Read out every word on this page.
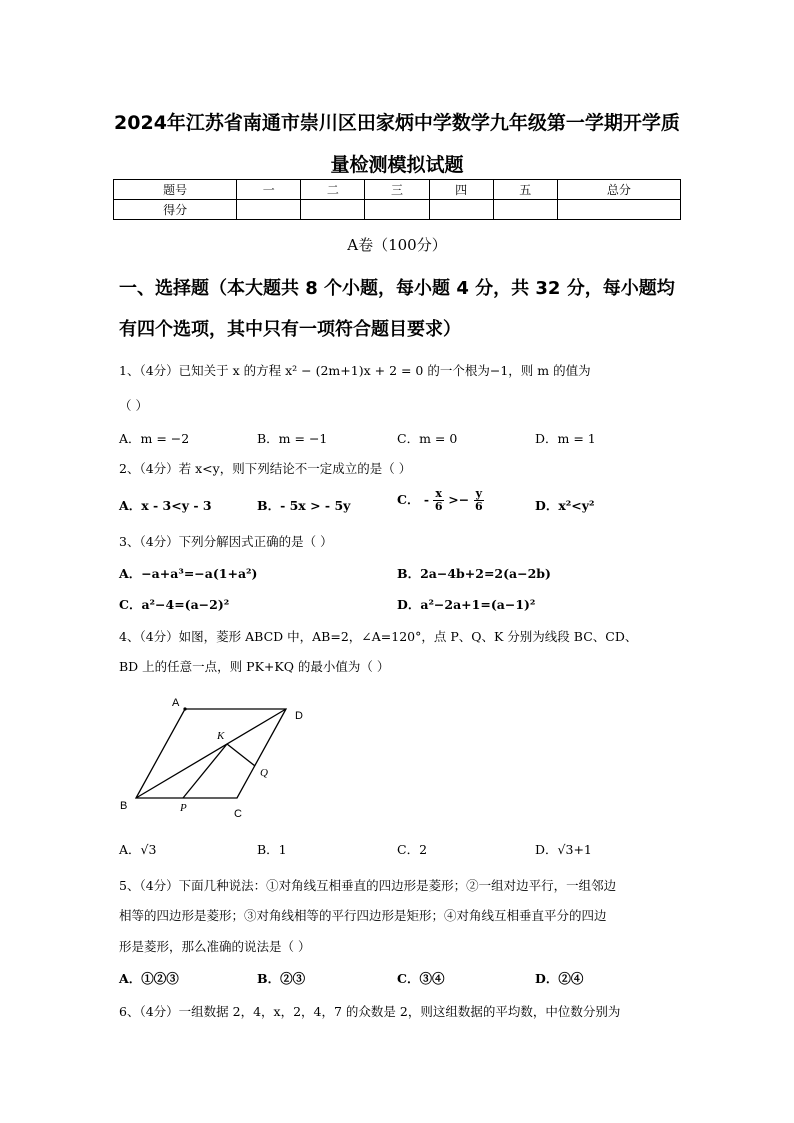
2024年江苏省南通市崇川区田家炳中学数学九年级第一学期开学质
量检测模拟试题
题号	一	二	三	四	五	总分
得分						
A卷（100分）
一、选择题（本大题共 8 个小题，每小题 4 分，共 32 分，每小题均
有四个选项，其中只有一项符合题目要求）
1、（4分）已知关于 x 的方程 x² − (2m+1)x + 2 = 0 的一个根为−1，则 m 的值为
（ ）
A．m = −2	B．m = −1	C．m = 0	D．m = 1
2、（4分）若 x<y，则下列结论不一定成立的是（ ）
A．x - 3<y - 3	B．- 5x > - 5y	C． - $\frac{x}{6} >- \frac{y}{6}$	D．x²<y²
3、（4分）下列分解因式正确的是（ ）
A．−a+a³=−a(1+a²)	B．2a−4b+2=2(a−2b)
C．a²−4=(a−2)²	D．a²−2a+1=(a−1)²
4、（4分）如图，菱形 ABCD 中，AB=2，∠A=120°，点 P、Q、K 分别为线段 BC、CD、
BD 上的任意一点，则 PK+KQ 的最小值为（ ）
A
D
B
C
K
P
Q
A．√3	B．1	C．2	D．√3+1
5、（4分）下面几种说法：①对角线互相垂直的四边形是菱形；②一组对边平行，一组邻边
相等的四边形是菱形；③对角线相等的平行四边形是矩形；④对角线互相垂直平分的四边
形是菱形，那么准确的说法是（ ）
A．①②③	B．②③	C．③④	D．②④
6、（4分）一组数据 2，4，x，2，4，7 的众数是 2，则这组数据的平均数，中位数分别为
